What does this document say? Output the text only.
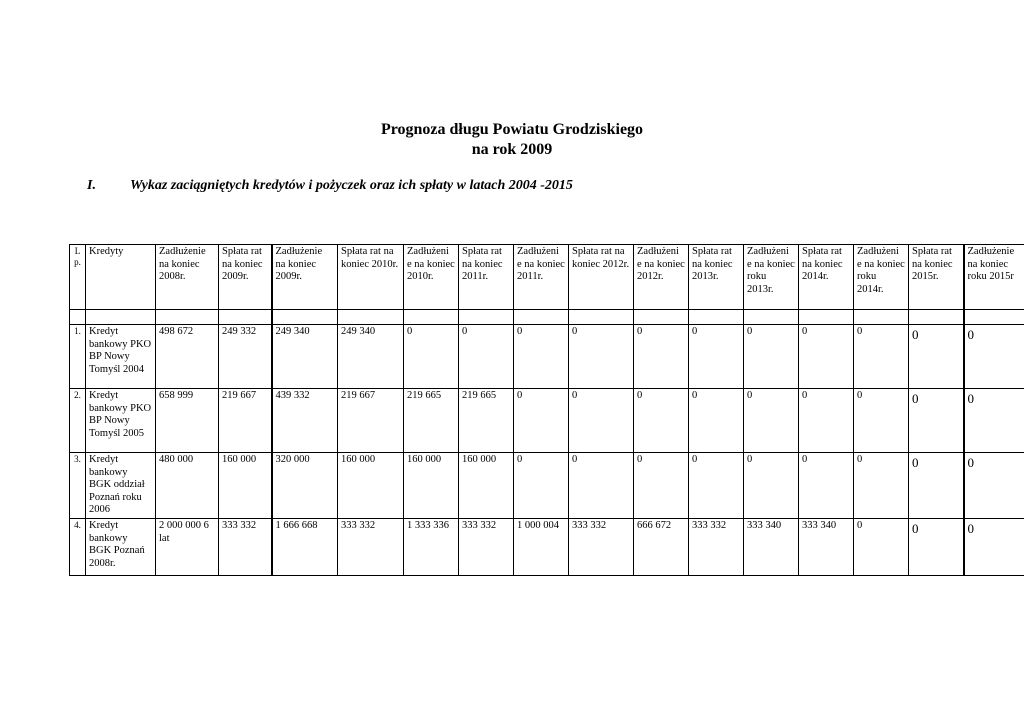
Prognoza długu Powiatu Grodziskiego
na rok 2009
I. Wykaz zaciągniętych kredytów i pożyczek oraz ich spłaty w latach 2004 -2015
L p.	Kredyty	Zadłużenie na koniec 2008r.	Spłata rat na koniec 2009r.	Zadłużenie na koniec 2009r.	Spłata rat na koniec 2010r.	Zadłużeni e na koniec 2010r.	Spłata rat na koniec 2011r.	Zadłużeni e na koniec 2011r.	Spłata rat na koniec 2012r.	Zadłużeni e na koniec 2012r.	Spłata rat na koniec 2013r.	Zadłużeni e na koniec roku 2013r.	Spłata rat na koniec 2014r.	Zadłużeni e na koniec roku 2014r.	Spłata rat na koniec 2015r.	Zadłużenie na koniec roku 2015r

1.	Kredyt bankowy PKO BP Nowy Tomyśl 2004	498 672	249 332	249 340	249 340	0	0	0	0	0	0	0	0	0	0	0
2.	Kredyt bankowy PKO BP Nowy Tomyśl 2005	658 999	219 667	439 332	219 667	219 665	219 665	0	0	0	0	0	0	0	0	0
3.	Kredyt bankowy BGK oddział Poznań roku 2006	480 000	160 000	320 000	160 000	160 000	160 000	0	0	0	0	0	0	0	0	0
4.	Kredyt bankowy BGK Poznań 2008r.	2 000 000 6 lat	333 332	1 666 668	333 332	1 333 336	333 332	1 000 004	333 332	666 672	333 332	333 340	333 340	0	0	0
